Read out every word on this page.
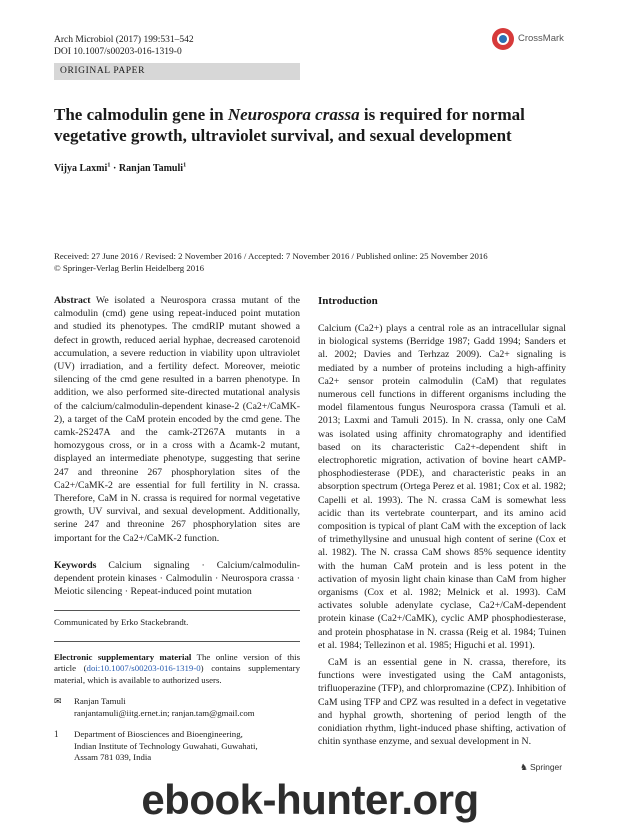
Arch Microbiol (2017) 199:531–542
DOI 10.1007/s00203-016-1319-0
CrossMark
ORIGINAL PAPER
The calmodulin gene in Neurospora crassa is required for normal vegetative growth, ultraviolet survival, and sexual development
Vijya Laxmi$^1$ · Ranjan Tamuli$^1$
Received: 27 June 2016 / Revised: 2 November 2016 / Accepted: 7 November 2016 / Published online: 25 November 2016
© Springer-Verlag Berlin Heidelberg 2016

Abstract We isolated a Neurospora crassa mutant of the calmodulin (cmd) gene using repeat-induced point mutation and studied its phenotypes. The cmdRIP mutant showed a defect in growth, reduced aerial hyphae, decreased carotenoid accumulation, a severe reduction in viability upon ultraviolet (UV) irradiation, and a fertility defect. Moreover, meiotic silencing of the cmd gene resulted in a barren phenotype. In addition, we also performed site-directed mutational analysis of the calcium/calmodulin-dependent kinase-2 (Ca2+/CaMK-2), a target of the CaM protein encoded by the cmd gene. The camk-2S247A and the camk-2T267A mutants in a homozygous cross, or in a cross with a Δcamk-2 mutant, displayed an intermediate phenotype, suggesting that serine 247 and threonine 267 phosphorylation sites of the Ca2+/CaMK-2 are essential for full fertility in N. crassa. Therefore, CaM in N. crassa is required for normal vegetative growth, UV survival, and sexual development. Additionally, serine 247 and threonine 267 phosphorylation sites are important for the Ca2+/CaMK-2 function.

Keywords Calcium signaling · Calcium/calmodulin-dependent protein kinases · Calmodulin · Neurospora crassa · Meiotic silencing · Repeat-induced point mutation

Communicated by Erko Stackebrandt.
Electronic supplementary material The online version of this article (doi:10.1007/s00203-016-1319-0) contains supplementary material, which is available to authorized users.
✉ Ranjan Tamuli
ranjantamuli@iitg.ernet.in; ranjan.tam@gmail.com
1	Department of Biosciences and Bioengineering,
Indian Institute of Technology Guwahati, Guwahati,
Assam 781 039, India
Introduction

Calcium (Ca2+) plays a central role as an intracellular signal in biological systems (Berridge 1987; Gadd 1994; Sanders et al. 2002; Davies and Terhzaz 2009). Ca2+ signaling is mediated by a number of proteins including a high-affinity Ca2+ sensor protein calmodulin (CaM) that regulates numerous cell functions in different organisms including the model filamentous fungus Neurospora crassa (Tamuli et al. 2013; Laxmi and Tamuli 2015). In N. crassa, only one CaM was isolated using affinity chromatography and identified based on its characteristic Ca2+-dependent shift in electrophoretic migration, activation of bovine heart cAMP-phosphodiesterase (PDE), and characteristic peaks in an absorption spectrum (Ortega Perez et al. 1981; Cox et al. 1982; Capelli et al. 1993). The N. crassa CaM is somewhat less acidic than its vertebrate counterpart, and its amino acid composition is typical of plant CaM with the exception of lack of trimethyllysine and unusual high content of serine (Cox et al. 1982). The N. crassa CaM shows 85% sequence identity with the human CaM protein and is less potent in the activation of myosin light chain kinase than CaM from higher organisms (Cox et al. 1982; Melnick et al. 1993). CaM activates soluble adenylate cyclase, Ca2+/CaM-dependent protein kinase (Ca2+/CaMK), cyclic AMP phosphodiesterase, and protein phosphatase in N. crassa (Reig et al. 1984; Tuinen et al. 1984; Tellezinon et al. 1985; Higuchi et al. 1991).

CaM is an essential gene in N. crassa, therefore, its functions were investigated using the CaM antagonists, trifluoperazine (TFP), and chlorpromazine (CPZ). Inhibition of CaM using TFP and CPZ was resulted in a defect in vegetative and hyphal growth, shortening of period length of the conidiation rhythm, light-induced phase shifting, activation of chitin synthase enzyme, and sexual development in N.

♞ Springer
ebook-hunter.org
